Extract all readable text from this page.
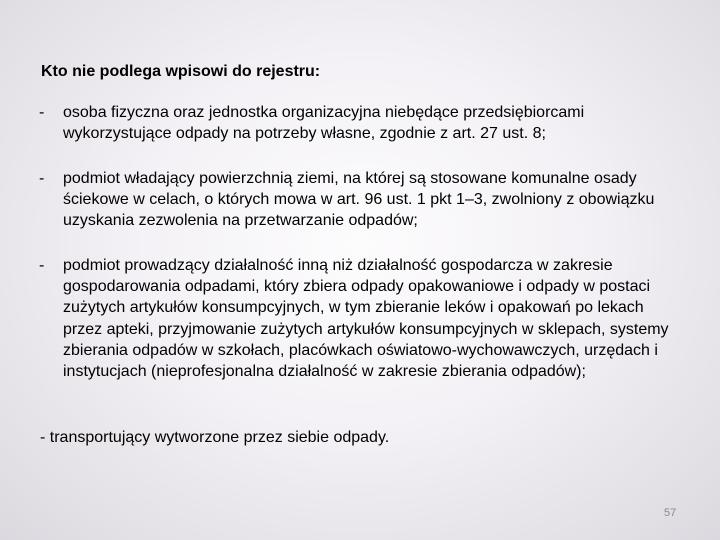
Kto nie podlega wpisowi do rejestru:
- osoba fizyczna oraz jednostka organizacyjna niebędące przedsiębiorcami wykorzystujące odpady na potrzeby własne, zgodnie z art. 27 ust. 8;
- podmiot władający powierzchnią ziemi, na której są stosowane komunalne osady ściekowe w celach, o których mowa w art. 96 ust. 1 pkt 1–3, zwolniony z obowiązku uzyskania zezwolenia na przetwarzanie odpadów;
- podmiot prowadzący działalność inną niż działalność gospodarcza w zakresie gospodarowania odpadami, który zbiera odpady opakowaniowe i odpady w postaci zużytych artykułów konsumpcyjnych, w tym zbieranie leków i opakowań po lekach przez apteki, przyjmowanie zużytych artykułów konsumpcyjnych w sklepach, systemy zbierania odpadów w szkołach, placówkach oświatowo-wychowawczych, urzędach i instytucjach (nieprofesjonalna działalność w zakresie zbierania odpadów);
- transportujący wytworzone przez siebie odpady.
57
